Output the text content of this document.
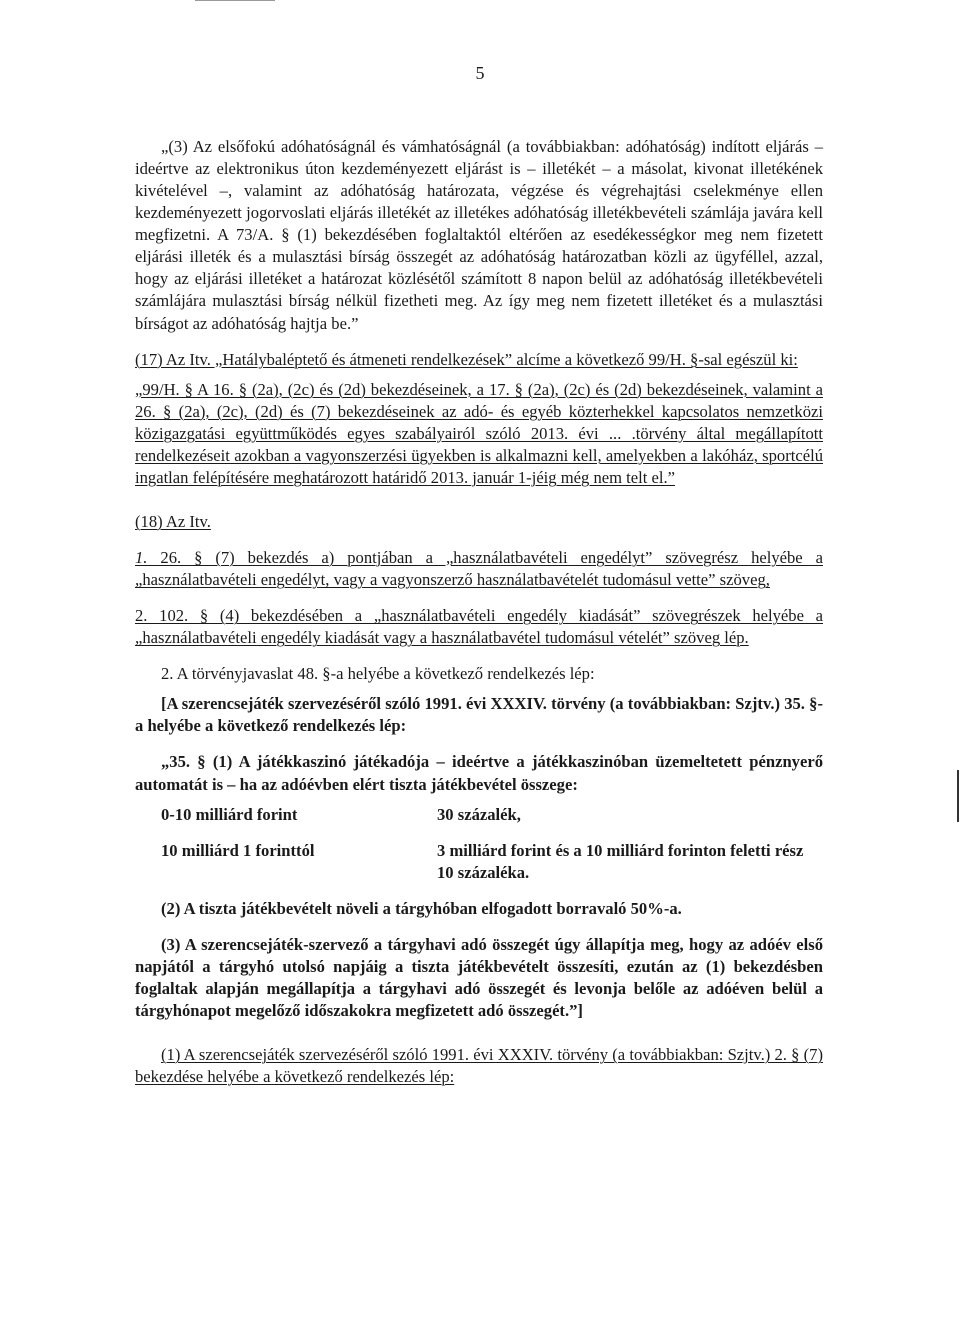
5

„(3) Az elsőfokú adóhatóságnál és vámhatóságnál (a továbbiakban: adóhatóság) indított eljárás – ideértve az elektronikus úton kezdeményezett eljárást is – illetékét – a másolat, kivonat illetékének kivételével –, valamint az adóhatóság határozata, végzése és végrehajtási cselekménye ellen kezdeményezett jogorvoslati eljárás illetékét az illetékes adóhatóság illetékbevételi számlája javára kell megfizetni. A 73/A. § (1) bekezdésében foglaltaktól eltérően az esedékességkor meg nem fizetett eljárási illeték és a mulasztási bírság összegét az adóhatóság határozatban közli az ügyféllel, azzal, hogy az eljárási illetéket a határozat közlésétől számított 8 napon belül az adóhatóság illetékbevételi számlájára mulasztási bírság nélkül fizetheti meg. Az így meg nem fizetett illetéket és a mulasztási bírságot az adóhatóság hajtja be.”

(17) Az Itv. „Hatálybaléptető és átmeneti rendelkezések” alcíme a következő 99/H. §-sal egészül ki:

„99/H. § A 16. § (2a), (2c) és (2d) bekezdéseinek, a 17. § (2a), (2c) és (2d) bekezdéseinek, valamint a 26. § (2a), (2c), (2d) és (7) bekezdéseinek az adó- és egyéb közterhekkel kapcsolatos nemzetközi közigazgatási együttműködés egyes szabályairól szóló 2013. évi ... .törvény által megállapított rendelkezéseit azokban a vagyonszerzési ügyekben is alkalmazni kell, amelyekben a lakóház, sportcélú ingatlan felépítésére meghatározott határidő 2013. január 1-jéig még nem telt el.”

(18) Az Itv.

1. 26. § (7) bekezdés a) pontjában a „használatbavételi engedélyt” szövegrész helyébe a „használatbavételi engedélyt, vagy a vagyonszerző használatbavételét tudomásul vette” szöveg,

2. 102. § (4) bekezdésében a „használatbavételi engedély kiadását” szövegrészek helyébe a „használatbavételi engedély kiadását vagy a használatbavétel tudomásul vételét” szöveg lép.

2. A törvényjavaslat 48. §-a helyébe a következő rendelkezés lép:

[A szerencsejáték szervezéséről szóló 1991. évi XXXIV. törvény (a továbbiakban: Szjtv.) 35. §-a helyébe a következő rendelkezés lép:

„35. § (1) A játékkaszinó játékadója – ideértve a játékkaszinóban üzemeltetett pénznyerő automatát is – ha az adóévben elért tiszta játékbevétel összege:

0-10 milliárd forint	30 százalék,
10 milliárd 1 forinttól	3 milliárd forint és a 10 milliárd forinton feletti rész 10 százaléka.

(2) A tiszta játékbevételt növeli a tárgyhóban elfogadott borravaló 50%-a.

(3) A szerencsejáték-szervező a tárgyhavi adó összegét úgy állapítja meg, hogy az adóév első napjától a tárgyhó utolsó napjáig a tiszta játékbevételt összesíti, ezután az (1) bekezdésben foglaltak alapján megállapítja a tárgyhavi adó összegét és levonja belőle az adóéven belül a tárgyhónapot megelőző időszakokra megfizetett adó összegét.”]

(1) A szerencsejáték szervezéséről szóló 1991. évi XXXIV. törvény (a továbbiakban: Szjtv.) 2. § (7) bekezdése helyébe a következő rendelkezés lép:
